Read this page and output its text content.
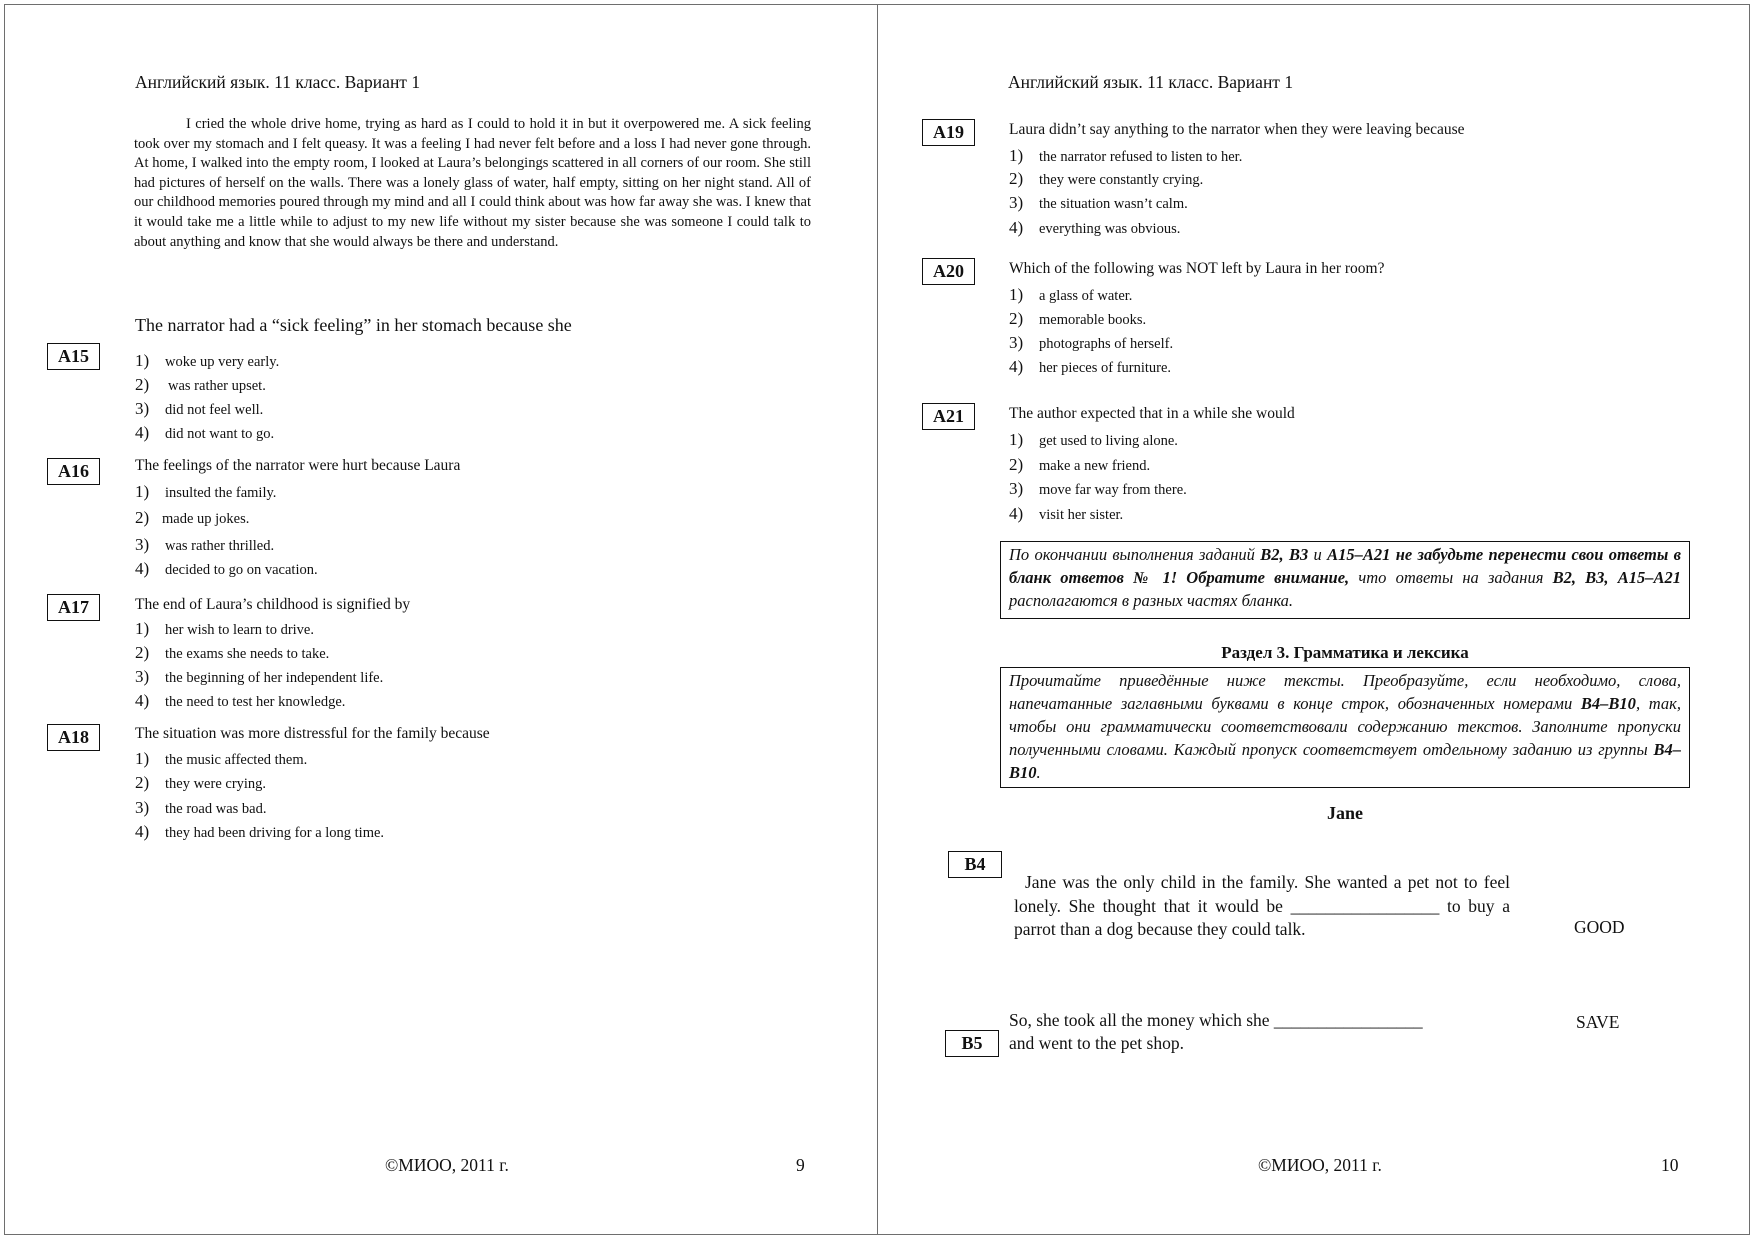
Английский язык. 11 класс. Вариант 1
I cried the whole drive home, trying as hard as I could to hold it in but it overpowered me. A sick feeling took over my stomach and I felt queasy. It was a feeling I had never felt before and a loss I had never gone through. At home, I walked into the empty room, I looked at Laura’s belongings scattered in all corners of our room. She still had pictures of herself on the walls. There was a lonely glass of water, half empty, sitting on her night stand. All of our childhood memories poured through my mind and all I could think about was how far away she was. I knew that it would take me a little while to adjust to my new life without my sister because she was someone I could talk to about anything and know that she would always be there and understand.
The narrator had a “sick feeling” in her stomach because she
A15	1) woke up very early.
2) was rather upset.
3) did not feel well.
4) did not want to go.
A16	The feelings of the narrator were hurt because Laura
1) insulted the family.
2) made up jokes.
3) was rather thrilled.
4) decided to go on vacation.
A17	The end of Laura’s childhood is signified by
1) her wish to learn to drive.
2) the exams she needs to take.
3) the beginning of her independent life.
4) the need to test her knowledge.
A18	The situation was more distressful for the family because
1) the music affected them.
2) they were crying.
3) the road was bad.
4) they had been driving for a long time.
©МИОО, 2011 г.	9
Английский язык. 11 класс. Вариант 1
A19	Laura didn’t say anything to the narrator when they were leaving because
1) the narrator refused to listen to her.
2) they were constantly crying.
3) the situation wasn’t calm.
4) everything was obvious.
A20	Which of the following was NOT left by Laura in her room?
1) a glass of water.
2) memorable books.
3) photographs of herself.
4) her pieces of furniture.
A21	The author expected that in a while she would
1) get used to living alone.
2) make a new friend.
3) move far way from there.
4) visit her sister.
По окончании выполнения заданий B2, B3 и А15–А21 не забудьте перенести свои ответы в бланк ответов № 1! Обратите внимание, что ответы на задания B2, B3, А15–А21 располагаются в разных частях бланка.
Раздел 3. Грамматика и лексика
Прочитайте приведённые ниже тексты. Преобразуйте, если необходимо, слова, напечатанные заглавными буквами в конце строк, обозначенных номерами B4–B10, так, чтобы они грамматически соответствовали содержанию текстов. Заполните пропуски полученными словами. Каждый пропуск соответствует отдельному заданию из группы B4–B10.
Jane
B4
Jane was the only child in the family. She wanted a pet not to feel lonely. She thought that it would be _________________ to buy a parrot than a dog because they could talk.	GOOD
So, she took all the money which she _________________
B5	and went to the pet shop.
SAVE
©МИОО, 2011 г.	10
